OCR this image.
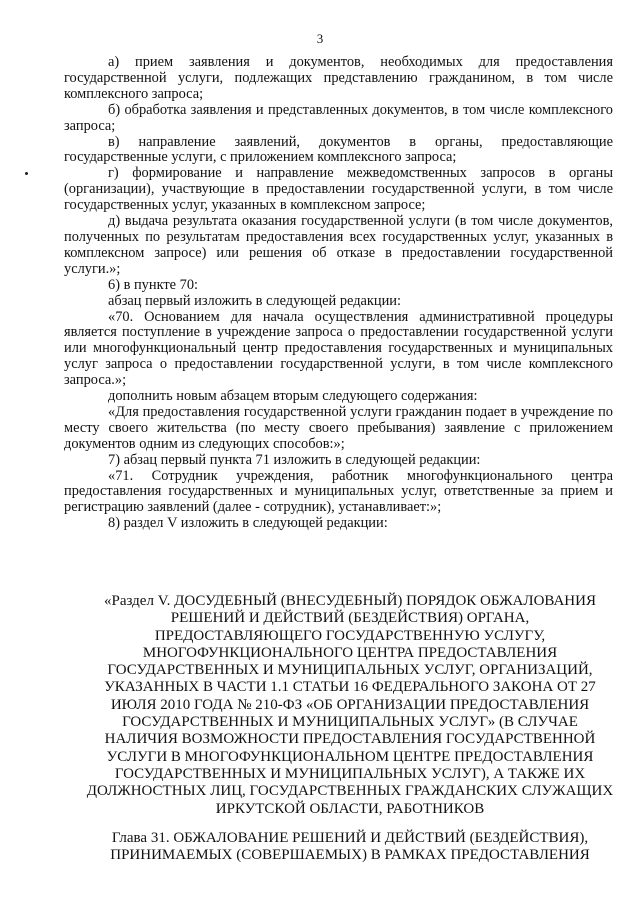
3

а) прием заявления и документов, необходимых для предоставления государственной услуги, подлежащих представлению гражданином, в том числе комплексного запроса;

б) обработка заявления и представленных документов, в том числе комплексного запроса;

в) направление заявлений, документов в органы, предоставляющие государственные услуги, с приложением комплексного запроса;

г) формирование и направление межведомственных запросов в органы (организации), участвующие в предоставлении государственной услуги, в том числе государственных услуг, указанных в комплексном запросе;

д) выдача результата оказания государственной услуги (в том числе документов, полученных по результатам предоставления всех государственных услуг, указанных в комплексном запросе) или решения об отказе в предоставлении государственной услуги.»;

6) в пункте 70:

абзац первый изложить в следующей редакции:

«70. Основанием для начала осуществления административной процедуры является поступление в учреждение запроса о предоставлении государственной услуги или многофункциональный центр предоставления государственных и муниципальных услуг запроса о предоставлении государственной услуги, в том числе комплексного запроса.»;

дополнить новым абзацем вторым следующего содержания:

«Для предоставления государственной услуги гражданин подает в учреждение по месту своего жительства (по месту своего пребывания) заявление с приложением документов одним из следующих способов:»;

7) абзац первый пункта 71 изложить в следующей редакции:

«71. Сотрудник учреждения, работник многофункционального центра предоставления государственных и муниципальных услуг, ответственные за прием и регистрацию заявлений (далее - сотрудник), устанавливает:»;

8) раздел V изложить в следующей редакции:

«Раздел V. ДОСУДЕБНЫЙ (ВНЕСУДЕБНЫЙ) ПОРЯДОК ОБЖАЛОВАНИЯ РЕШЕНИЙ И ДЕЙСТВИЙ (БЕЗДЕЙСТВИЯ) ОРГАНА, ПРЕДОСТАВЛЯЮЩЕГО ГОСУДАРСТВЕННУЮ УСЛУГУ, МНОГОФУНКЦИОНАЛЬНОГО ЦЕНТРА ПРЕДОСТАВЛЕНИЯ ГОСУДАРСТВЕННЫХ И МУНИЦИПАЛЬНЫХ УСЛУГ, ОРГАНИЗАЦИЙ, УКАЗАННЫХ В ЧАСТИ 1.1 СТАТЬИ 16 ФЕДЕРАЛЬНОГО ЗАКОНА ОТ 27 ИЮЛЯ 2010 ГОДА № 210-ФЗ «ОБ ОРГАНИЗАЦИИ ПРЕДОСТАВЛЕНИЯ ГОСУДАРСТВЕННЫХ И МУНИЦИПАЛЬНЫХ УСЛУГ» (В СЛУЧАЕ НАЛИЧИЯ ВОЗМОЖНОСТИ ПРЕДОСТАВЛЕНИЯ ГОСУДАРСТВЕННОЙ УСЛУГИ В МНОГОФУНКЦИОНАЛЬНОМ ЦЕНТРЕ ПРЕДОСТАВЛЕНИЯ ГОСУДАРСТВЕННЫХ И МУНИЦИПАЛЬНЫХ УСЛУГ), А ТАКЖЕ ИХ ДОЛЖНОСТНЫХ ЛИЦ, ГОСУДАРСТВЕННЫХ ГРАЖДАНСКИХ СЛУЖАЩИХ ИРКУТСКОЙ ОБЛАСТИ, РАБОТНИКОВ
Глава 31. ОБЖАЛОВАНИЕ РЕШЕНИЙ И ДЕЙСТВИЙ (БЕЗДЕЙСТВИЯ), ПРИНИМАЕМЫХ (СОВЕРШАЕМЫХ) В РАМКАХ ПРЕДОСТАВЛЕНИЯ
